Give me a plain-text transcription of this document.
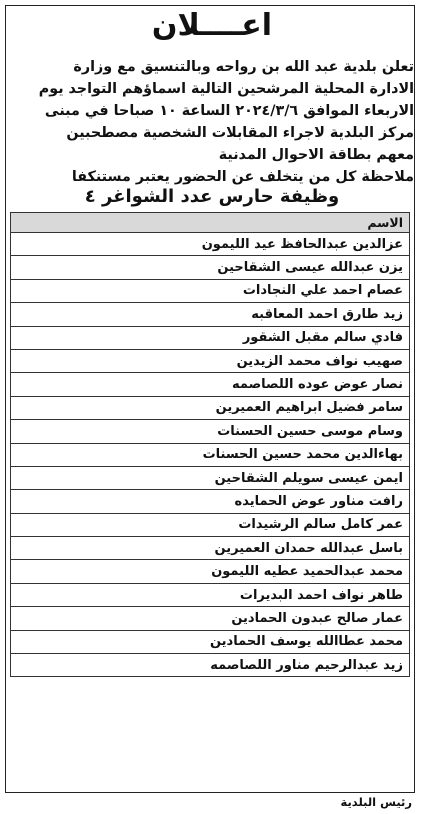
اعــــلان
تعلن بلدية عبد الله بن رواحه وبالتنسيق مع وزارة
الادارة المحلية المرشحين التالية اسماؤهم التواجد يوم
الاربعاء الموافق ٢٠٢٤/٣/٦ الساعة ١٠ صباحا في مبنى
مركز البلدية لاجراء المقابلات الشخصية مصطحبين
معهم بطاقة الاحوال المدنية
ملاحظة كل من يتخلف عن الحضور يعتبر مستنكفا
وظيفة حارس عدد الشواغر ٤
الاسم
عزالدين عبدالحافظ عيد الليمون
يزن عبدالله عيسى الشقاحين
عصام احمد علي النجادات
زيد طارق احمد المعاقبه
فادي سالم مقبل الشقور
صهيب نواف محمد الزيدين
نصار عوض عوده اللصاصمه
سامر فضيل ابراهيم العميرين
وسام موسى حسين الحسنات
بهاءالدين محمد حسين الحسنات
ايمن عيسى سويلم الشقاحين
رافت مناور عوض الحمايده
عمر كامل سالم الرشيدات
باسل عبدالله حمدان العميرين
محمد عبدالحميد عطيه الليمون
طاهر نواف احمد البديرات
عمار صالح عبدون الحمادين
محمد عطاالله يوسف الحمادين
زيد عبدالرحيم مناور اللصاصمه
رئيس البلدية
